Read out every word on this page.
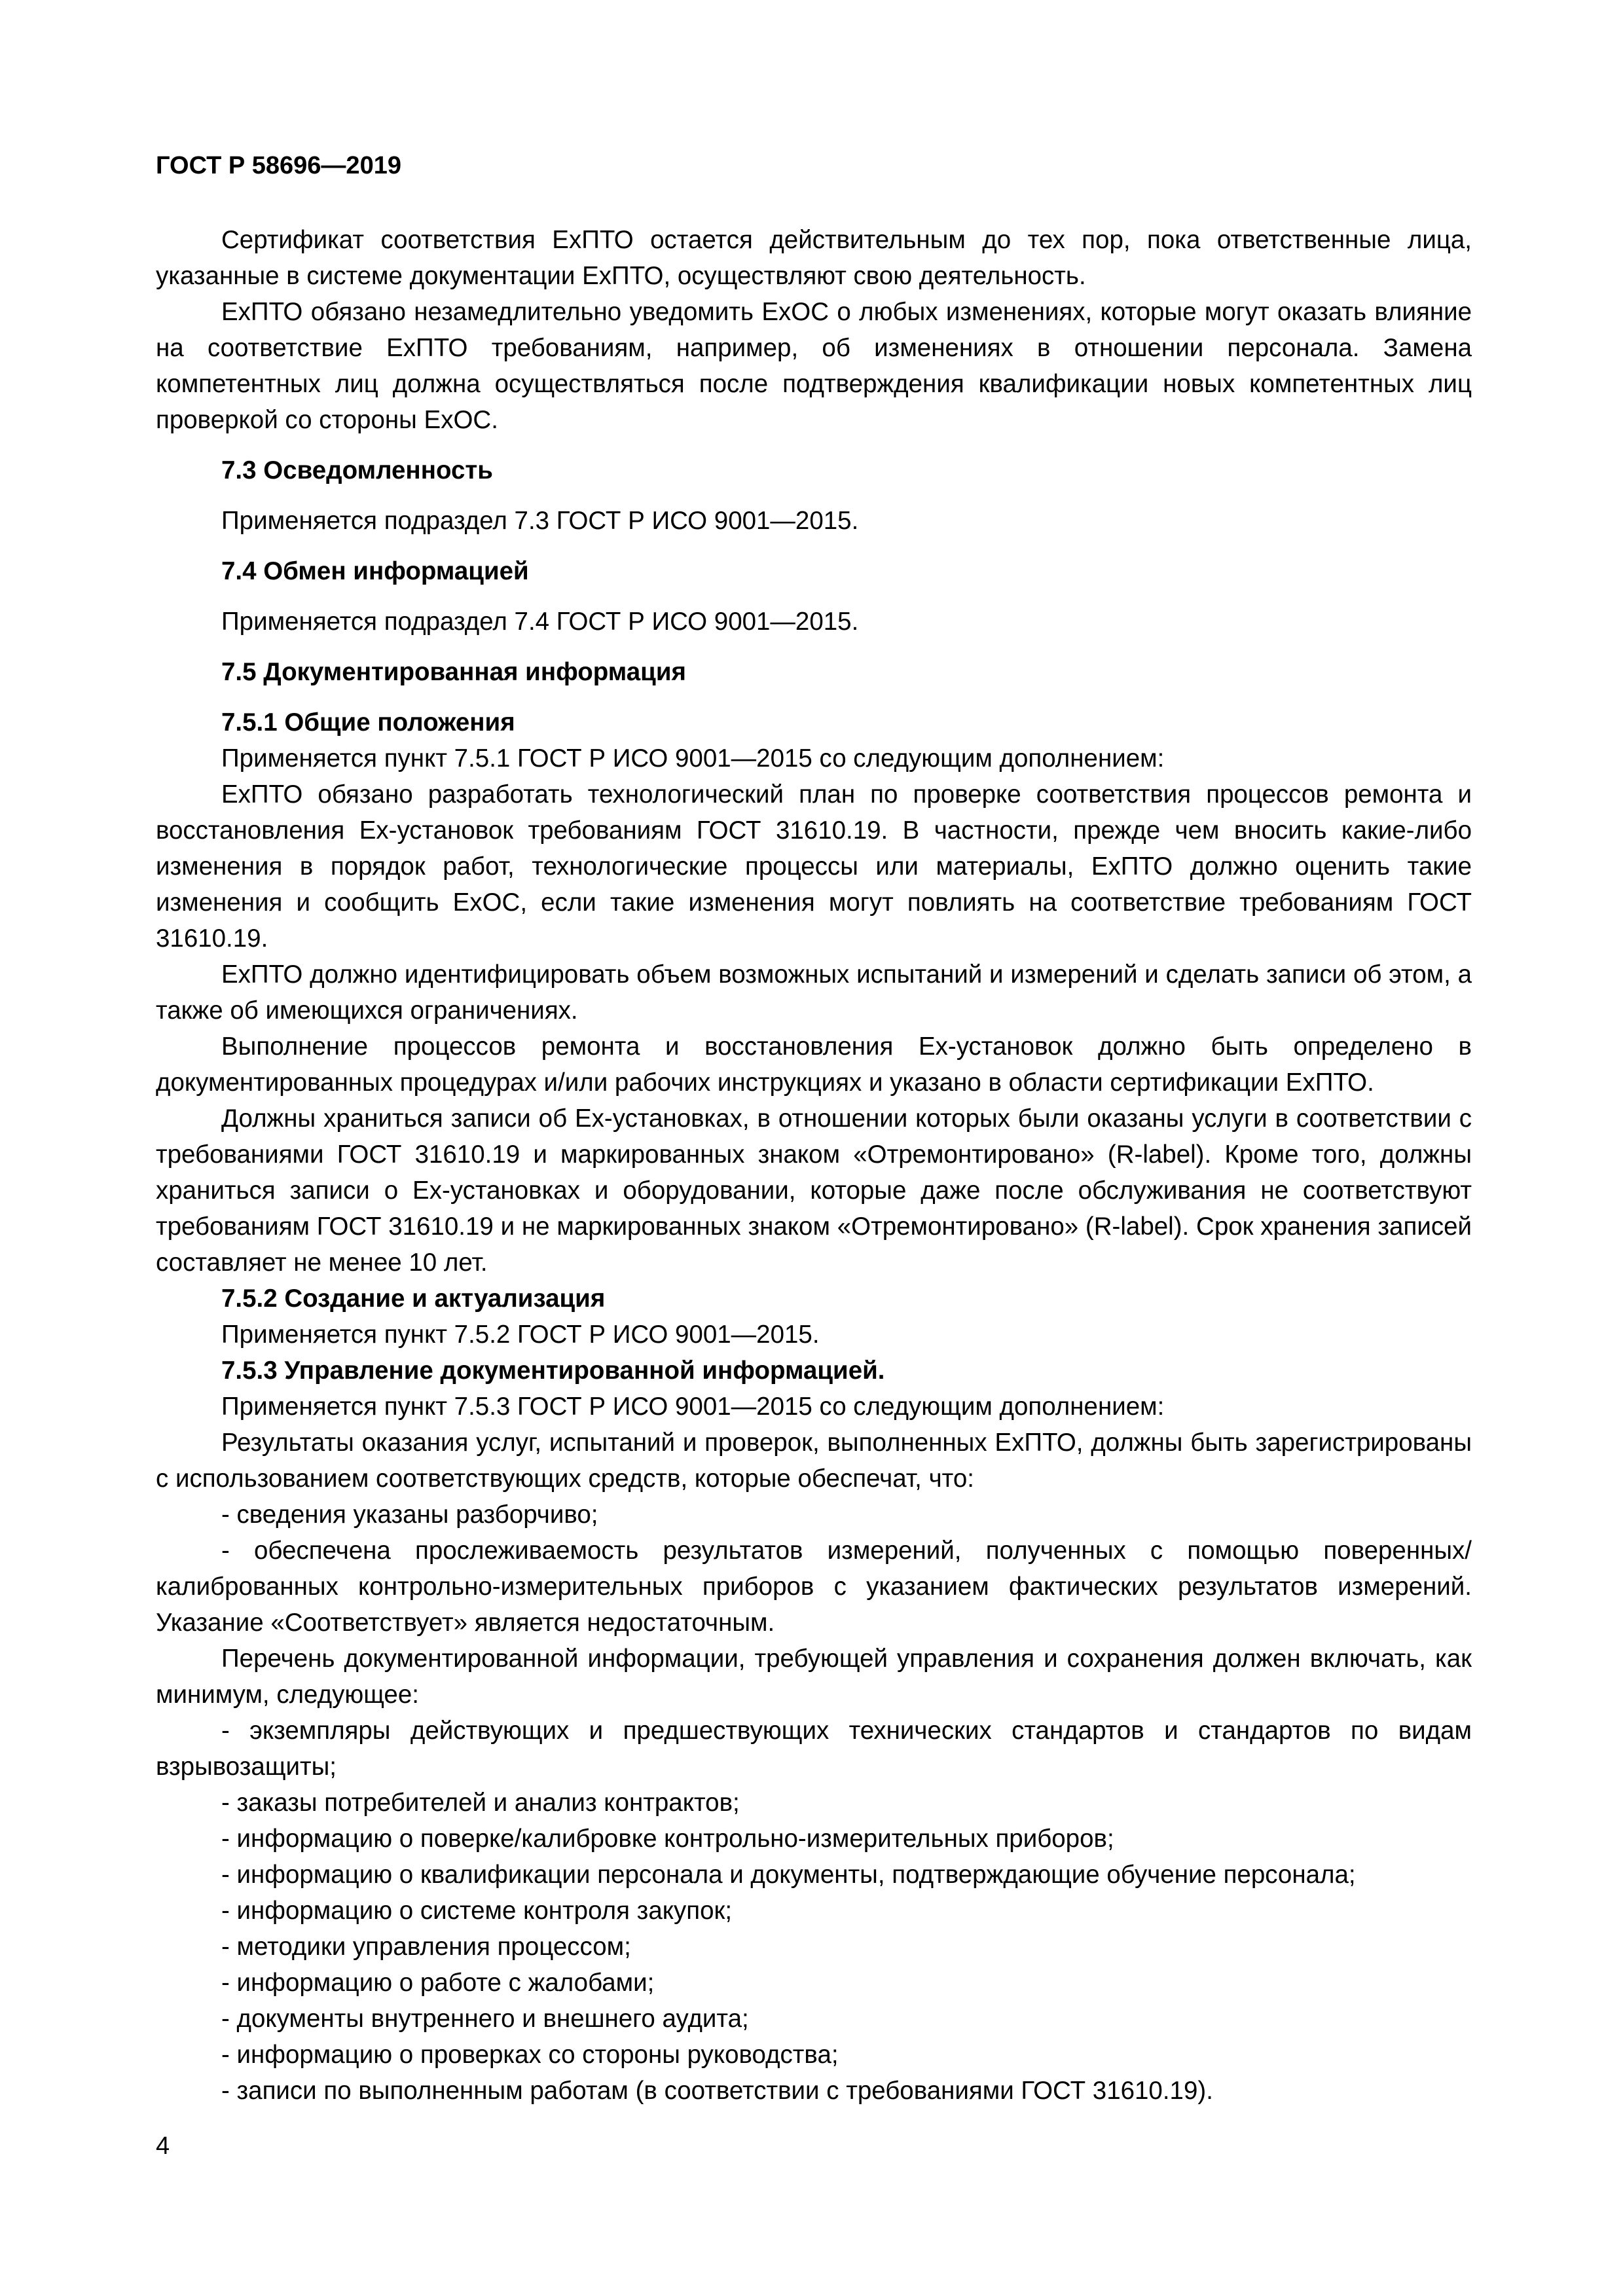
ГОСТ Р 58696—2019

Сертификат соответствия ExПТО остается действительным до тех пор, пока ответственные лица, указанные в системе документации ExПТО, осуществляют свою деятельность.

ExПТО обязано незамедлительно уведомить ExOC о любых изменениях, которые могут оказать влияние на соответствие ExПТО требованиям, например, об изменениях в отношении персонала. Замена компетентных лиц должна осуществляться после подтверждения квалификации новых компетентных лиц проверкой со стороны ExOC.

7.3 Осведомленность

Применяется подраздел 7.3 ГОСТ Р ИСО 9001—2015.

7.4 Обмен информацией

Применяется подраздел 7.4 ГОСТ Р ИСО 9001—2015.

7.5 Документированная информация

7.5.1 Общие положения

Применяется пункт 7.5.1 ГОСТ Р ИСО 9001—2015 со следующим дополнением:

ExПТО обязано разработать технологический план по проверке соответствия процессов ремонта и восстановления Ex-установок требованиям ГОСТ 31610.19. В частности, прежде чем вносить какие-либо изменения в порядок работ, технологические процессы или материалы, ExПТО должно оценить такие изменения и сообщить ExOC, если такие изменения могут повлиять на соответствие требованиям ГОСТ 31610.19.

ExПТО должно идентифицировать объем возможных испытаний и измерений и сделать записи об этом, а также об имеющихся ограничениях.

Выполнение процессов ремонта и восстановления Ex-установок должно быть определено в документированных процедурах и/или рабочих инструкциях и указано в области сертификации ExПТО.

Должны храниться записи об Ex-установках, в отношении которых были оказаны услуги в соответствии с требованиями ГОСТ 31610.19 и маркированных знаком «Отремонтировано» (R-label). Кроме того, должны храниться записи о Ex-установках и оборудовании, которые даже после обслуживания не соответствуют требованиям ГОСТ 31610.19 и не маркированных знаком «Отремонтировано» (R-label). Срок хранения записей составляет не менее 10 лет.

7.5.2 Создание и актуализация

Применяется пункт 7.5.2 ГОСТ Р ИСО 9001—2015.

7.5.3 Управление документированной информацией.

Применяется пункт 7.5.3 ГОСТ Р ИСО 9001—2015 со следующим дополнением:

Результаты оказания услуг, испытаний и проверок, выполненных ExПТО, должны быть зарегистрированы с использованием соответствующих средств, которые обеспечат, что:

- сведения указаны разборчиво;

- обеспечена прослеживаемость результатов измерений, полученных с помощью поверенных/калиброванных контрольно-измерительных приборов с указанием фактических результатов измерений. Указание «Соответствует» является недостаточным.

Перечень документированной информации, требующей управления и сохранения должен включать, как минимум, следующее:

- экземпляры действующих и предшествующих технических стандартов и стандартов по видам взрывозащиты;

- заказы потребителей и анализ контрактов;

- информацию о поверке/калибровке контрольно-измерительных приборов;

- информацию о квалификации персонала и документы, подтверждающие обучение персонала;

- информацию о системе контроля закупок;

- методики управления процессом;

- информацию о работе с жалобами;

- документы внутреннего и внешнего аудита;

- информацию о проверках со стороны руководства;

- записи по выполненным работам (в соответствии с требованиями ГОСТ 31610.19).

4
